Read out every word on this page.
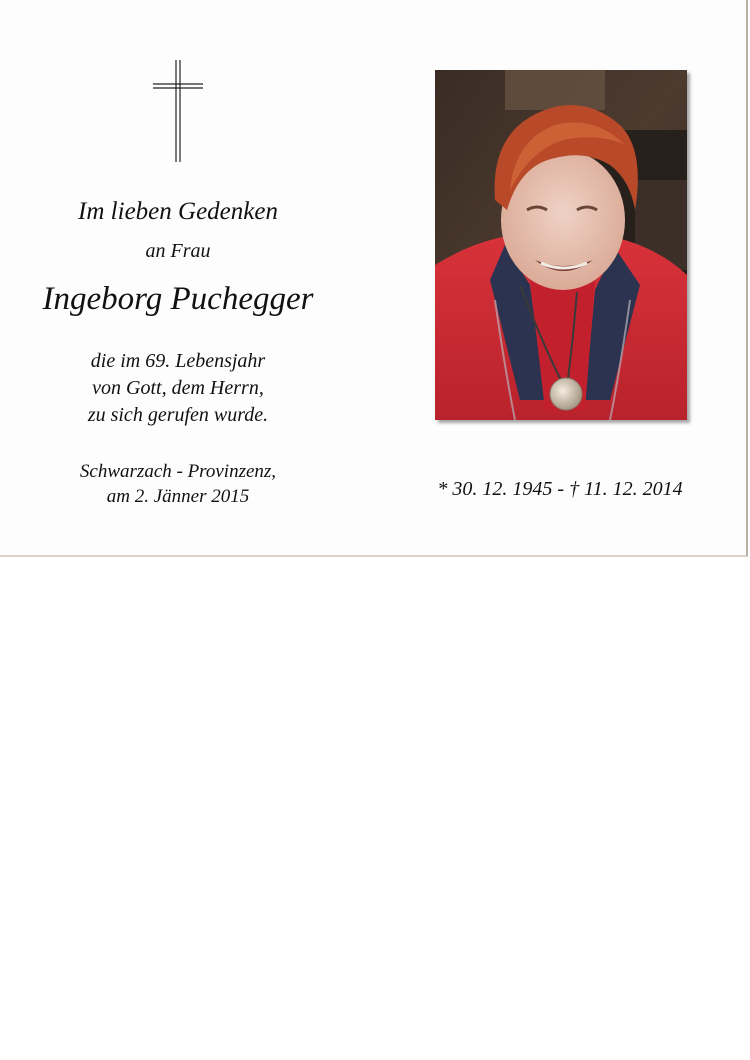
Im lieben Gedenken
an Frau
Ingeborg Puchegger
die im 69. Lebensjahr
von Gott, dem Herrn,
zu sich gerufen wurde.
Schwarzach - Provinzenz,
am 2. Jänner 2015	* 30. 12. 1945 - † 11. 12. 2014
